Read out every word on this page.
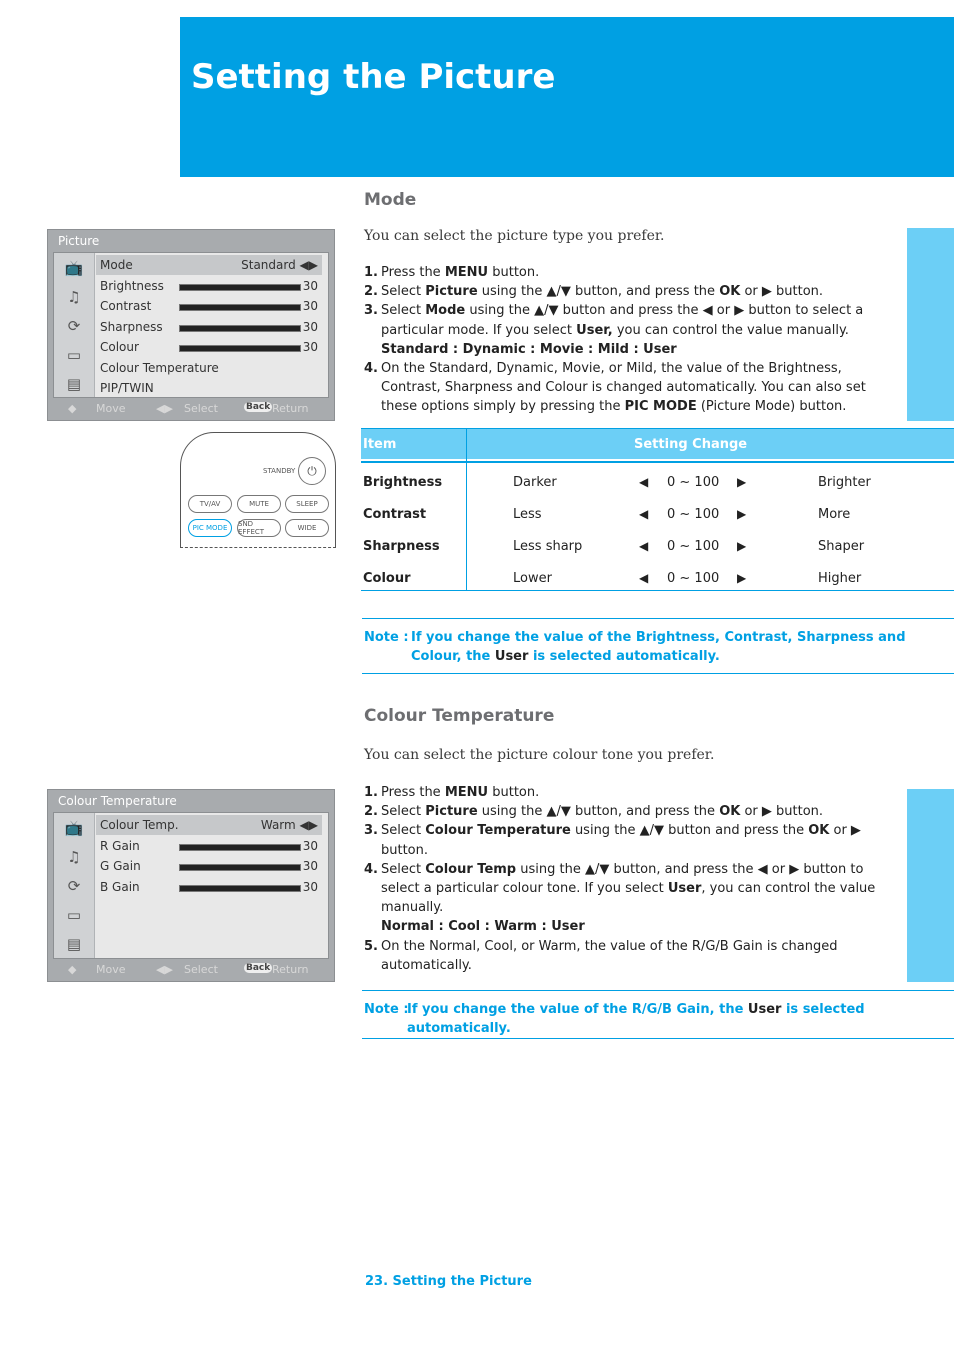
Setting the Picture
Picture
📺
♫
⟳
▭
▤
Mode	Standard ◀▶
Brightness	30
Contrast	30
Sharpness	30
Colour	30
Colour Temperature
PIP/TWIN
◆ Move	◀▶ Select	Back Return
STANDBY ⏻
TV/AV	MUTE	SLEEP
PIC MODE	SND EFFECT	WIDE
Mode

You can select the picture type you prefer.

1. Press the MENU button.
2. Select Picture using the ▲/▼ button, and press the OK or ▶ button.
3. Select Mode using the ▲/▼ button and press the ◀ or ▶ button to select a particular mode. If you select User, you can control the value manually.
Standard : Dynamic : Movie : Mild : User
4. On the Standard, Dynamic, Movie, or Mild, the value of the Brightness, Contrast, Sharpness and Colour is changed automatically. You can also set these options simply by pressing the PIC MODE (Picture Mode) button.
Item	Setting Change
Brightness	Darker	◀ 0 ~ 100 ▶	Brighter
Contrast	Less	◀ 0 ~ 100 ▶	More
Sharpness	Less sharp	◀ 0 ~ 100 ▶	Shaper
Colour	Lower	◀ 0 ~ 100 ▶	Higher
Note : If you change the value of the Brightness, Contrast, Sharpness and Colour, the User is selected automatically.
Colour Temperature

You can select the picture colour tone you prefer.

1. Press the MENU button.
2. Select Picture using the ▲/▼ button, and press the OK or ▶ button.
3. Select Colour Temperature using the ▲/▼ button and press the OK or ▶ button.
4. Select Colour Temp using the ▲/▼ button, and press the ◀ or ▶ button to select a particular colour tone. If you select User, you can control the value manually.
Normal : Cool : Warm : User
5. On the Normal, Cool, or Warm, the value of the R/G/B Gain is changed automatically.
Colour Temperature
📺
♫
⟳
▭
▤
Colour Temp.	Warm ◀▶
R Gain	30
G Gain	30
B Gain	30
◆ Move	◀▶ Select	Back Return
Note :
If you change the value of the R/G/B Gain, the User is selected automatically.
23. Setting the Picture
